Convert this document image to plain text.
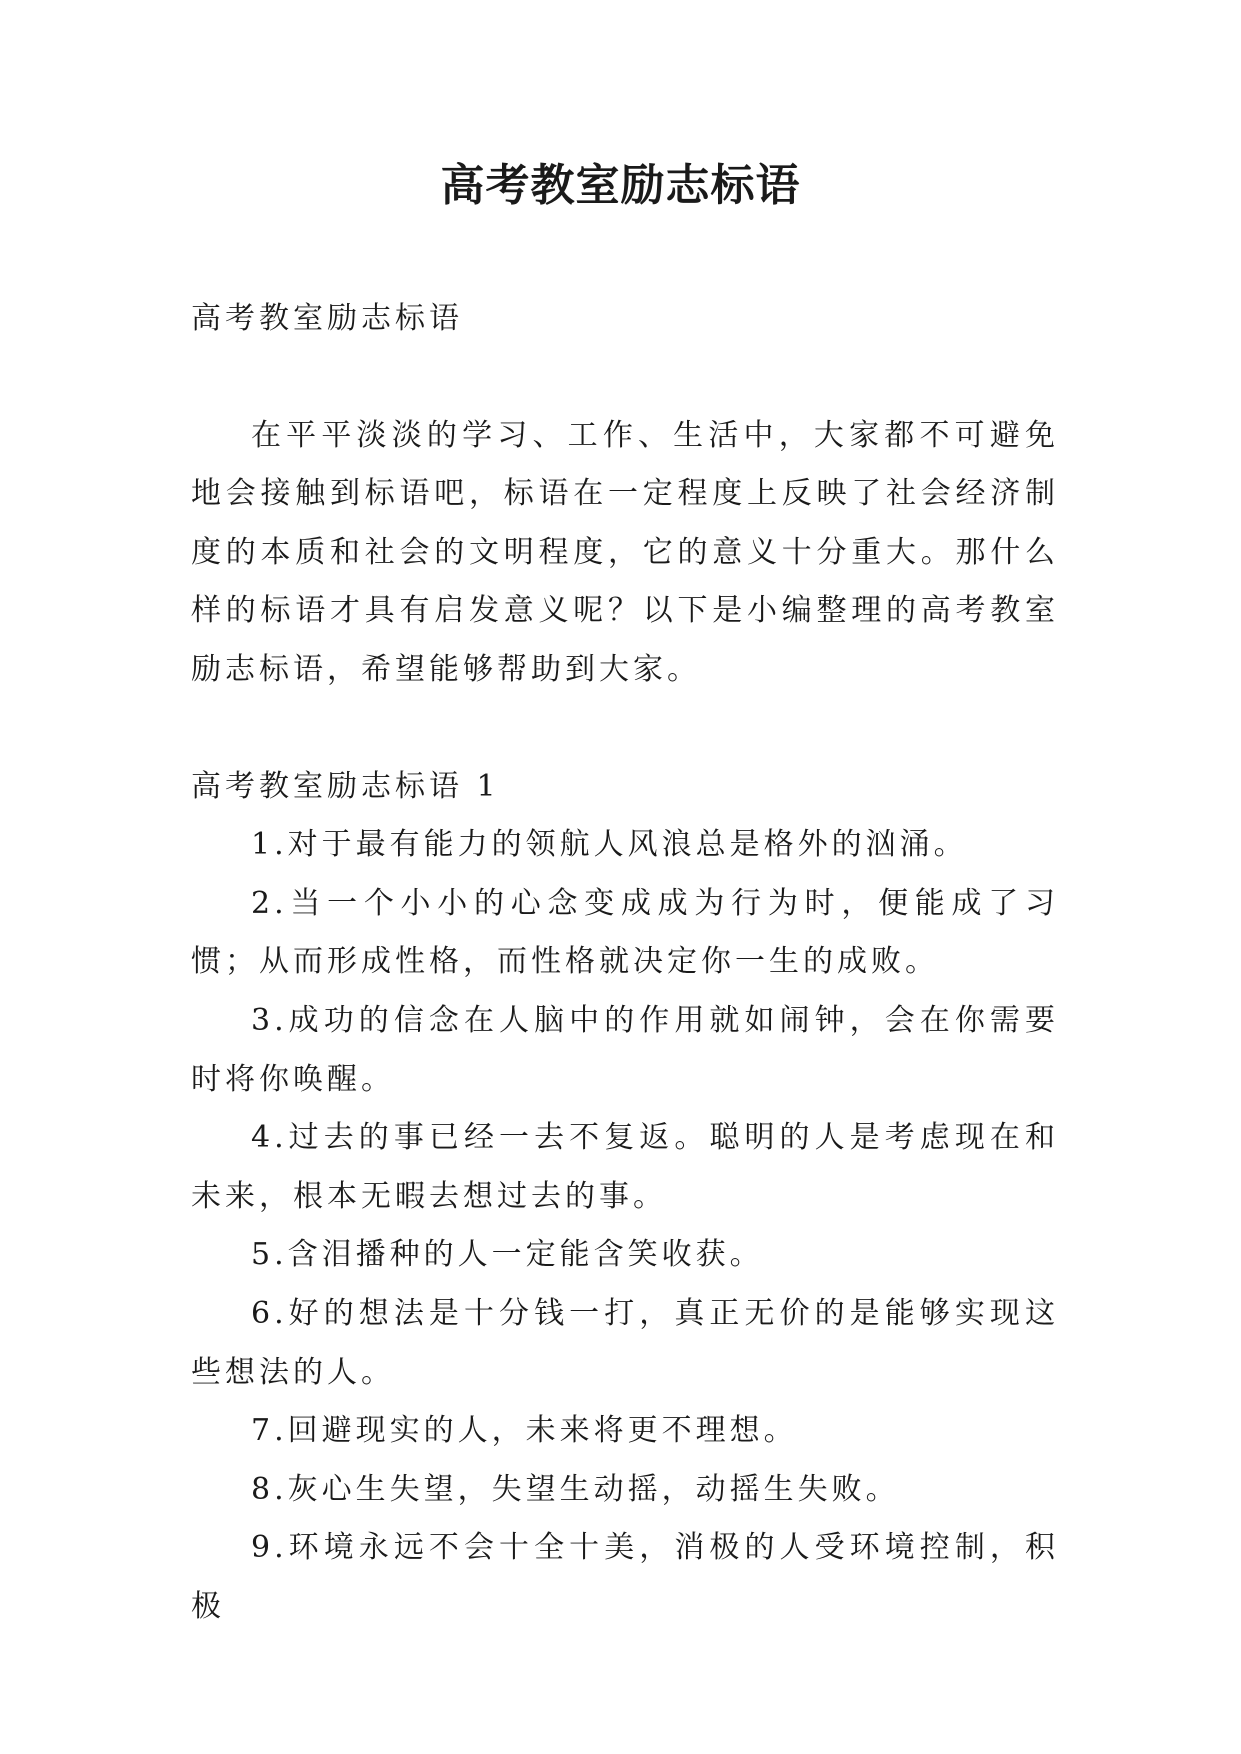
高考教室励志标语

高考教室励志标语

在平平淡淡的学习、工作、生活中，大家都不可避免地会接触到标语吧，标语在一定程度上反映了社会经济制度的本质和社会的文明程度，它的意义十分重大。那什么样的标语才具有启发意义呢？以下是小编整理的高考教室励志标语，希望能够帮助到大家。

高考教室励志标语 1

1.对于最有能力的领航人风浪总是格外的汹涌。

2.当一个小小的心念变成成为行为时，便能成了习惯；从而形成性格，而性格就决定你一生的成败。

3.成功的信念在人脑中的作用就如闹钟，会在你需要时将你唤醒。

4.过去的事已经一去不复返。聪明的人是考虑现在和未来，根本无暇去想过去的事。

5.含泪播种的人一定能含笑收获。

6.好的想法是十分钱一打，真正无价的是能够实现这些想法的人。

7.回避现实的人，未来将更不理想。

8.灰心生失望，失望生动摇，动摇生失败。

9.环境永远不会十全十美，消极的人受环境控制，积极
